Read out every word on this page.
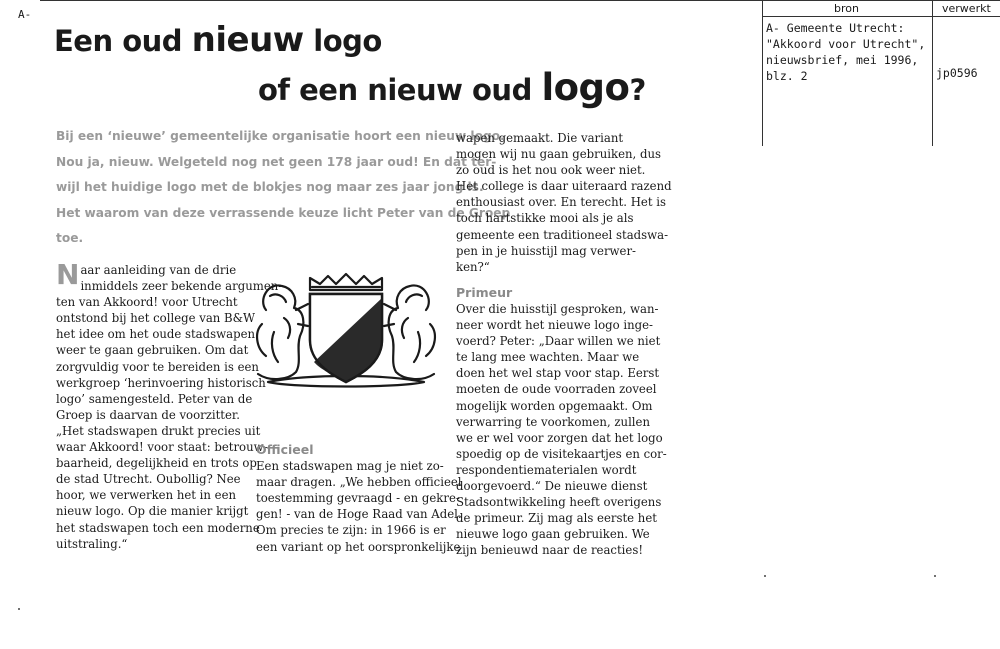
A-
Een oud nieuw logo
of een nieuw oud logo?
Bij een ‘nieuwe’ gemeentelijke organisatie hoort een nieuw logo.
Nou ja, nieuw. Welgeteld nog net geen 178 jaar oud! En dat ter-
wijl het huidige logo met de blokjes nog maar zes jaar jong is.
Het waarom van deze verrassende keuze licht Peter van de Groep
toe.
N aar aanleiding van de drie
inmiddels zeer bekende argumen-
ten van Akkoord! voor Utrecht
ontstond bij het college van B&W
het idee om het oude stadswapen
weer te gaan gebruiken. Om dat
zorgvuldig voor te bereiden is een
werkgroep ‘herinvoering historisch
logo’ samengesteld. Peter van de
Groep is daarvan de voorzitter.
„Het stadswapen drukt precies uit
waar Akkoord! voor staat: betrouw-
baarheid, degelijkheid en trots op
de stad Utrecht. Oubollig? Nee
hoor, we verwerken het in een
nieuw logo. Op die manier krijgt
het stadswapen toch een moderne
uitstraling.“
Officieel
Een stadswapen mag je niet zo-
maar dragen. „We hebben officieel
toestemming gevraagd - en gekre-
gen! - van de Hoge Raad van Adel.
Om precies te zijn: in 1966 is er
een variant op het oorspronkelijke
wapen gemaakt. Die variant
mogen wij nu gaan gebruiken, dus
zo oud is het nou ook weer niet.
Het college is daar uiteraard razend
enthousiast over. En terecht. Het is
toch hartstikke mooi als je als
gemeente een traditioneel stadswa-
pen in je huisstijl mag verwer-
ken?“
Primeur
Over die huisstijl gesproken, wan-
neer wordt het nieuwe logo inge-
voerd? Peter: „Daar willen we niet
te lang mee wachten. Maar we
doen het wel stap voor stap. Eerst
moeten de oude voorraden zoveel
mogelijk worden opgemaakt. Om
verwarring te voorkomen, zullen
we er wel voor zorgen dat het logo
spoedig op de visitekaartjes en cor-
respondentiematerialen wordt
doorgevoerd.“ De nieuwe dienst
Stadsontwikkeling heeft overigens
de primeur. Zij mag als eerste het
nieuwe logo gaan gebruiken. We
zijn benieuwd naar de reacties!
bron	verwerkt
A- Gemeente Utrecht:
"Akkoord voor Utrecht",
nieuwsbrief, mei 1996,
blz. 2	jp0596
